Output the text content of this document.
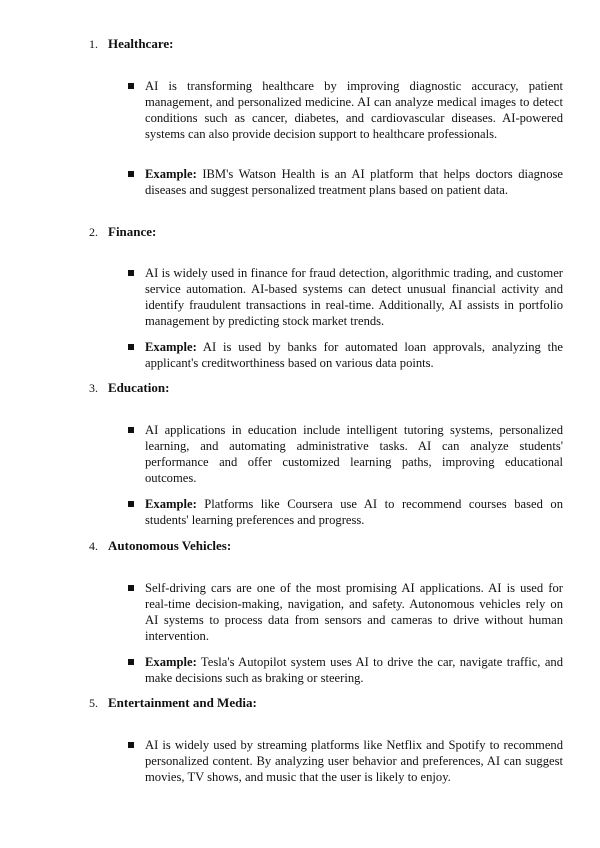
1. Healthcare:
AI is transforming healthcare by improving diagnostic accuracy, patient management, and personalized medicine. AI can analyze medical images to detect conditions such as cancer, diabetes, and cardiovascular diseases. AI-powered systems can also provide decision support to healthcare professionals.
Example: IBM's Watson Health is an AI platform that helps doctors diagnose diseases and suggest personalized treatment plans based on patient data.
2. Finance:
AI is widely used in finance for fraud detection, algorithmic trading, and customer service automation. AI-based systems can detect unusual financial activity and identify fraudulent transactions in real-time. Additionally, AI assists in portfolio management by predicting stock market trends.
Example: AI is used by banks for automated loan approvals, analyzing the applicant's creditworthiness based on various data points.
3. Education:
AI applications in education include intelligent tutoring systems, personalized learning, and automating administrative tasks. AI can analyze students' performance and offer customized learning paths, improving educational outcomes.
Example: Platforms like Coursera use AI to recommend courses based on students' learning preferences and progress.
4. Autonomous Vehicles:
Self-driving cars are one of the most promising AI applications. AI is used for real-time decision-making, navigation, and safety. Autonomous vehicles rely on AI systems to process data from sensors and cameras to drive without human intervention.
Example: Tesla's Autopilot system uses AI to drive the car, navigate traffic, and make decisions such as braking or steering.
5. Entertainment and Media:
AI is widely used by streaming platforms like Netflix and Spotify to recommend personalized content. By analyzing user behavior and preferences, AI can suggest movies, TV shows, and music that the user is likely to enjoy.
